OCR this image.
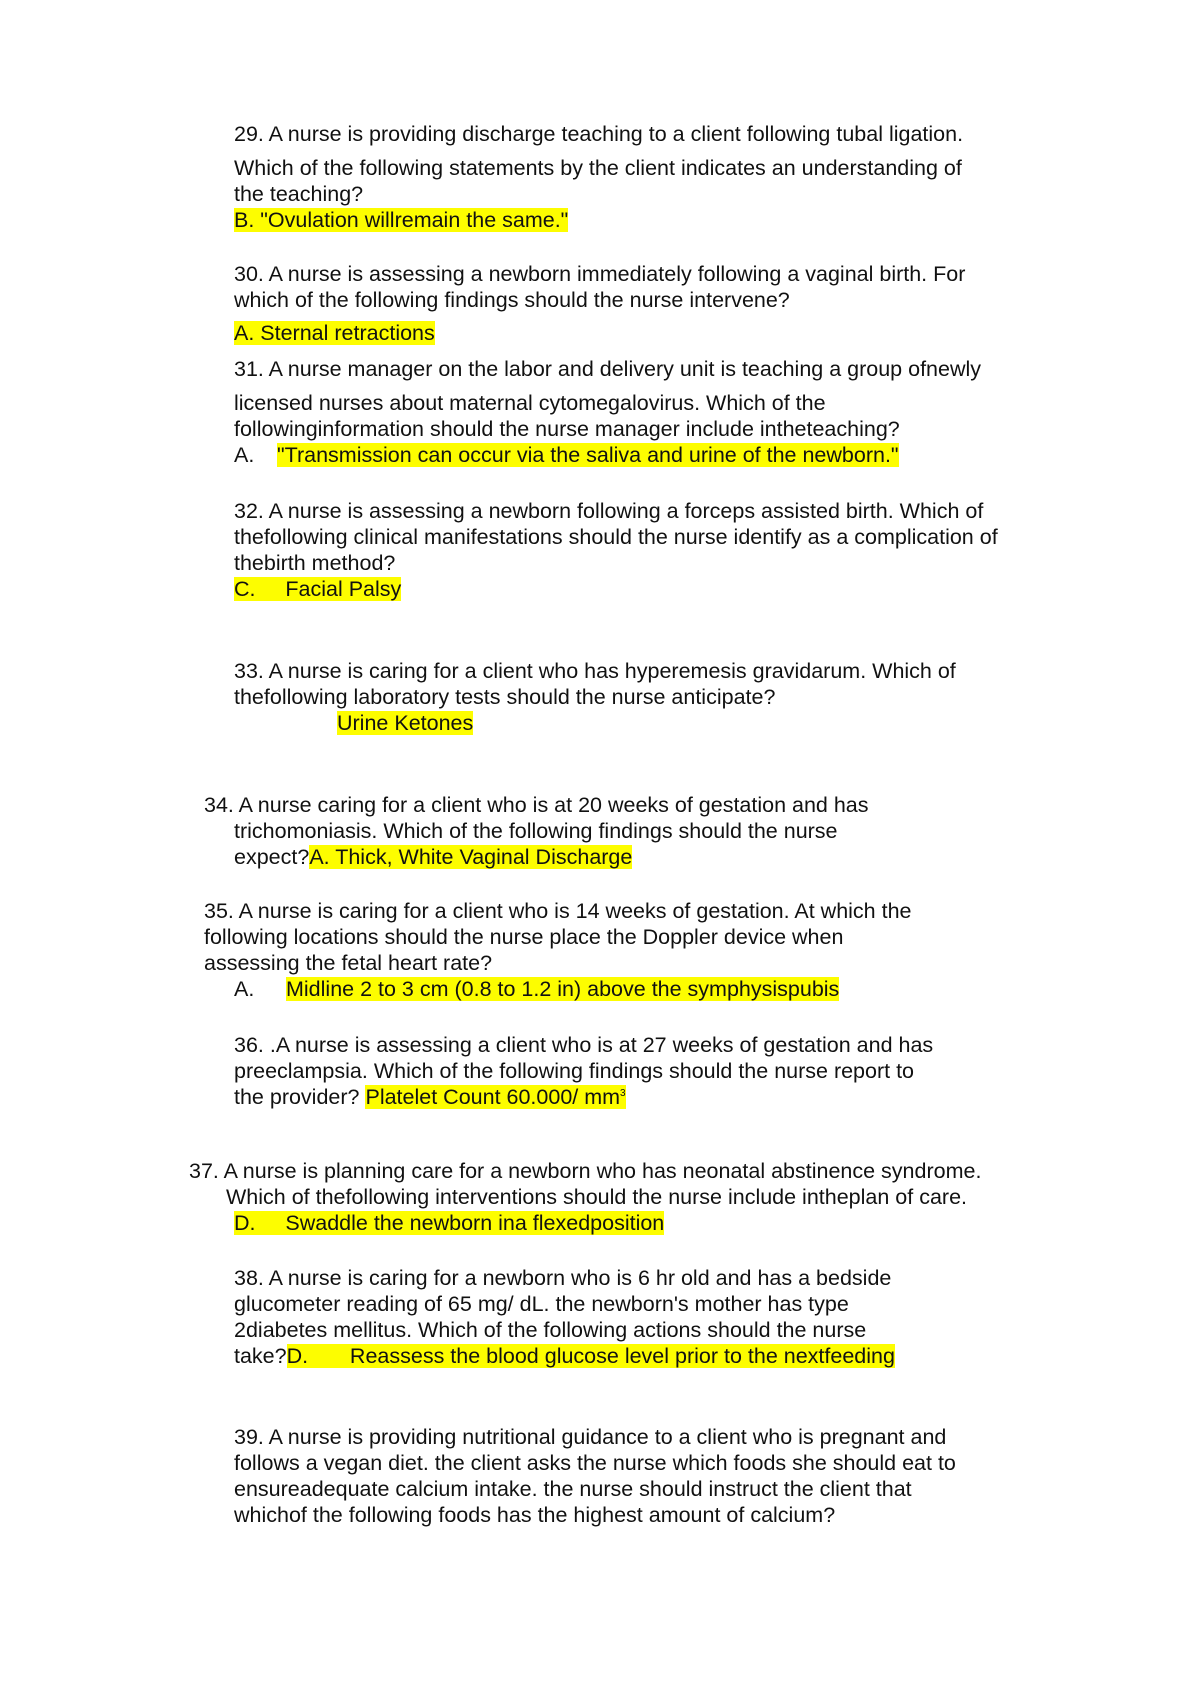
29. A nurse is providing discharge teaching to a client following tubal ligation.
Which of the following statements by the client indicates an understanding of
the teaching?
B. "Ovulation willremain the same."
30. A nurse is assessing a newborn immediately following a vaginal birth. For
which of the following findings should the nurse intervene?
A. Sternal retractions
31. A nurse manager on the labor and delivery unit is teaching a group ofnewly
licensed nurses about maternal cytomegalovirus. Which of the
followinginformation should the nurse manager include intheteaching?
A. "Transmission can occur via the saliva and urine of the newborn."
32. A nurse is assessing a newborn following a forceps assisted birth. Which of
thefollowing clinical manifestations should the nurse identify as a complication of
thebirth method?
C.     Facial Palsy
33. A nurse is caring for a client who has hyperemesis gravidarum. Which of
thefollowing laboratory tests should the nurse anticipate?
Urine Ketones
34. A nurse caring for a client who is at 20 weeks of gestation and has
trichomoniasis. Which of the following findings should the nurse
expect?A. Thick, White Vaginal Discharge
35. A nurse is caring for a client who is 14 weeks of gestation. At which the
following locations should the nurse place the Doppler device when
assessing the fetal heart rate?
A. Midline 2 to 3 cm (0.8 to 1.2 in) above the symphysispubis
36. .A nurse is assessing a client who is at 27 weeks of gestation and has
preeclampsia. Which of the following findings should the nurse report to
the provider? Platelet Count 60.000/ $mm^3$
37. A nurse is planning care for a newborn who has neonatal abstinence syndrome.
Which of thefollowing interventions should the nurse include intheplan of care.
D.     Swaddle the newborn ina flexedposition
38. A nurse is caring for a newborn who is 6 hr old and has a bedside
glucometer reading of 65 mg/ dL. the newborn's mother has type
2diabetes mellitus. Which of the following actions should the nurse
take?D.       Reassess the blood glucose level prior to the nextfeeding
39. A nurse is providing nutritional guidance to a client who is pregnant and
follows a vegan diet. the client asks the nurse which foods she should eat to
ensureadequate calcium intake. the nurse should instruct the client that
whichof the following foods has the highest amount of calcium?
